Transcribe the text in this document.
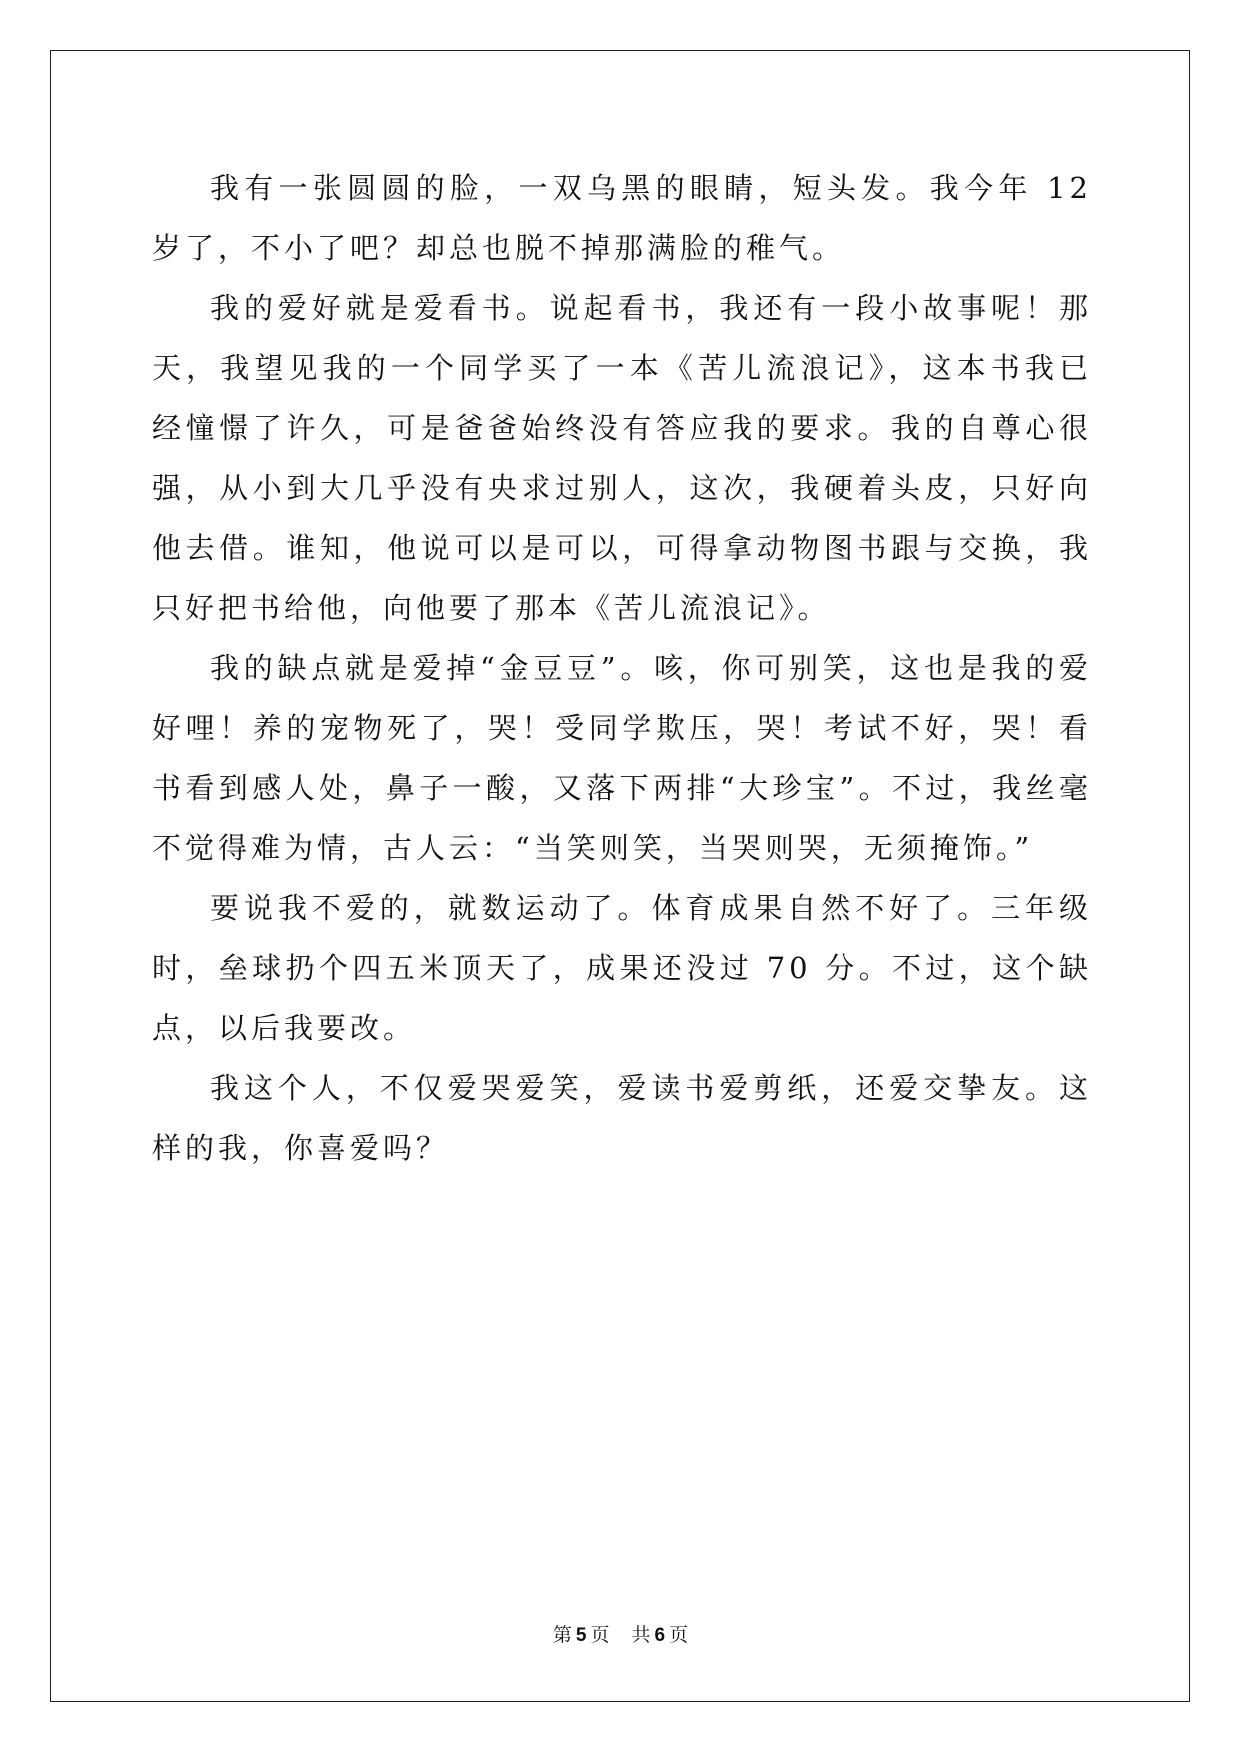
我有一张圆圆的脸，一双乌黑的眼睛，短头发。我今年 12 岁了，不小了吧？却总也脱不掉那满脸的稚气。

我的爱好就是爱看书。说起看书，我还有一段小故事呢！那天，我望见我的一个同学买了一本《苦儿流浪记》，这本书我已经憧憬了许久，可是爸爸始终没有答应我的要求。我的自尊心很强，从小到大几乎没有央求过别人，这次，我硬着头皮，只好向他去借。谁知，他说可以是可以，可得拿动物图书跟与交换，我只好把书给他，向他要了那本《苦儿流浪记》。

我的缺点就是爱掉“金豆豆”。咳，你可别笑，这也是我的爱好哩！养的宠物死了，哭！受同学欺压，哭！考试不好，哭！看书看到感人处，鼻子一酸，又落下两排“大珍宝”。不过，我丝毫不觉得难为情，古人云：“当笑则笑，当哭则哭，无须掩饰。”

要说我不爱的，就数运动了。体育成果自然不好了。三年级时，垒球扔个四五米顶天了，成果还没过 70 分。不过，这个缺点，以后我要改。

我这个人，不仅爱哭爱笑，爱读书爱剪纸，还爱交挚友。这样的我，你喜爱吗？

第 5 页 共 6 页
